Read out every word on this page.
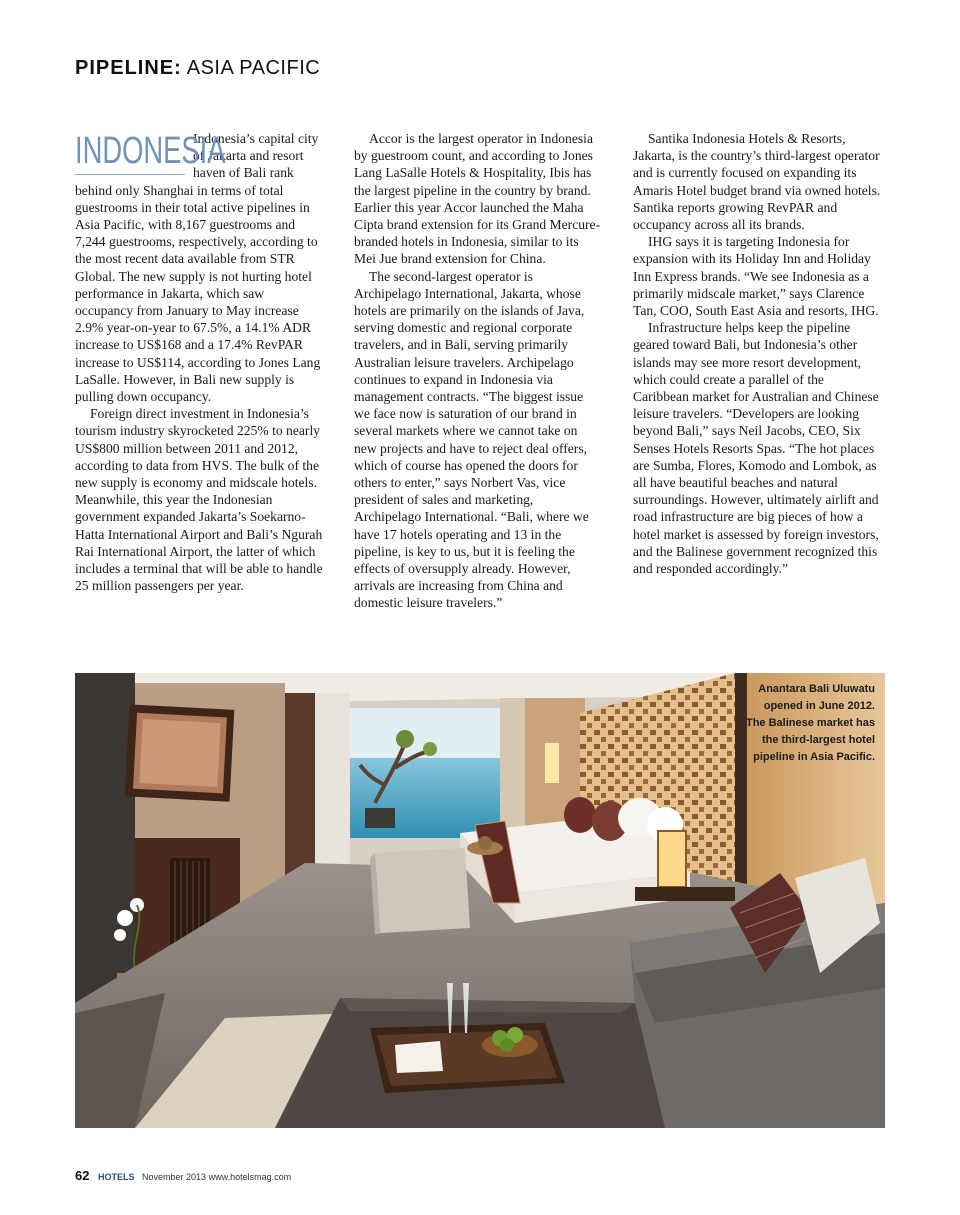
PIPELINE: ASIA PACIFIC
INDONESIA

Indonesia’s capital city of Jakarta and resort haven of Bali rank behind only Shanghai in terms of total guestrooms in their total active pipelines in Asia Pacific, with 8,167 guestrooms and 7,244 guestrooms, respectively, according to the most recent data available from STR Global. The new supply is not hurting hotel performance in Jakarta, which saw occupancy from January to May increase 2.9% year-on-year to 67.5%, a 14.1% ADR increase to US$168 and a 17.4% RevPAR increase to US$114, according to Jones Lang LaSalle. However, in Bali new supply is pulling down occupancy.

Foreign direct investment in Indonesia’s tourism industry skyrocketed 225% to nearly US$800 million between 2011 and 2012, according to data from HVS. The bulk of the new supply is economy and midscale hotels. Meanwhile, this year the Indonesian government expanded Jakarta’s Soekarno-Hatta International Airport and Bali’s Ngurah Rai International Airport, the latter of which includes a terminal that will be able to handle 25 million passengers per year.

Accor is the largest operator in Indonesia by guestroom count, and according to Jones Lang LaSalle Hotels & Hospitality, Ibis has the largest pipeline in the country by brand. Earlier this year Accor launched the Maha Cipta brand extension for its Grand Mercure-branded hotels in Indonesia, similar to its Mei Jue brand extension for China.

The second-largest operator is Archipelago International, Jakarta, whose hotels are primarily on the islands of Java, serving domestic and regional corporate travelers, and in Bali, serving primarily Australian leisure travelers. Archipelago continues to expand in Indonesia via management contracts. “The biggest issue we face now is saturation of our brand in several markets where we cannot take on new projects and have to reject deal offers, which of course has opened the doors for others to enter,” says Norbert Vas, vice president of sales and marketing, Archipelago International. “Bali, where we have 17 hotels operating and 13 in the pipeline, is key to us, but it is feeling the effects of oversupply already. However, arrivals are increasing from China and domestic leisure travelers.”

Santika Indonesia Hotels & Resorts, Jakarta, is the country’s third-largest operator and is currently focused on expanding its Amaris Hotel budget brand via owned hotels. Santika reports growing RevPAR and occupancy across all its brands.

IHG says it is targeting Indonesia for expansion with its Holiday Inn and Holiday Inn Express brands. “We see Indonesia as a primarily midscale market,” says Clarence Tan, COO, South East Asia and resorts, IHG.

Infrastructure helps keep the pipeline geared toward Bali, but Indonesia’s other islands may see more resort development, which could create a parallel of the Caribbean market for Australian and Chinese leisure travelers. “Developers are looking beyond Bali,” says Neil Jacobs, CEO, Six Senses Hotels Resorts Spas. “The hot places are Sumba, Flores, Komodo and Lombok, as all have beautiful beaches and natural surroundings. However, ultimately airlift and road infrastructure are big pieces of how a hotel market is assessed by foreign investors, and the Balinese government recognized this and responded accordingly.”

Anantara Bali Uluwatu opened in June 2012. The Balinese market has the third-largest hotel pipeline in Asia Pacific.
62 HOTELS November 2013 www.hotelsmag.com
